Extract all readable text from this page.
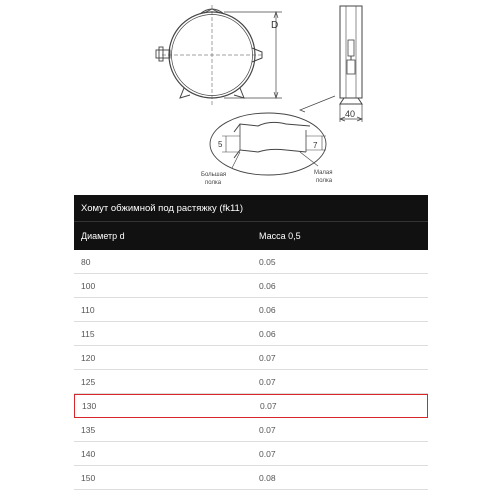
D
40
5	7
Большая
полка
Малая
полка
Хомут обжимной под растяжку (fk11)
Диаметр d	Масса 0,5
80	0.05
100	0.06
110	0.06
115	0.06
120	0.07
125	0.07
130	0.07
135	0.07
140	0.07
150	0.08
